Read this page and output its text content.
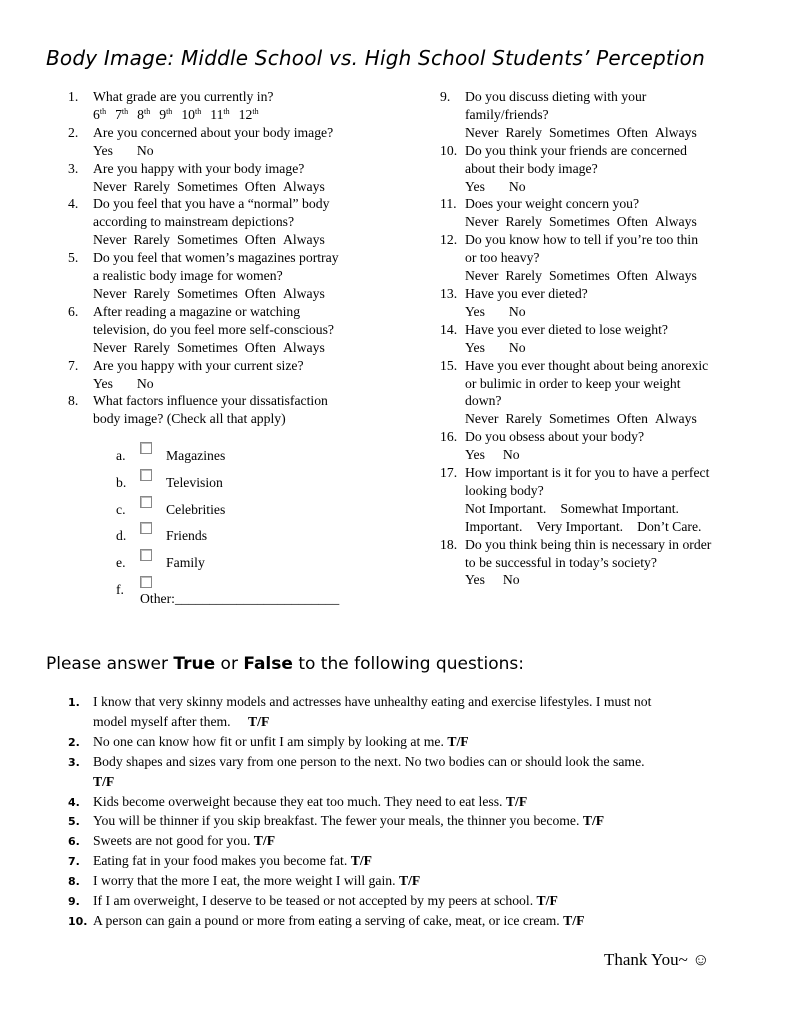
Body Image: Middle School vs. High School Students’ Perception
1. What grade are you currently in?
6th 7th 8th 9th 10th 11th 12th
2. Are you concerned about your body image?
Yes No
3. Are you happy with your body image?
Never Rarely Sometimes Often Always
4. Do you feel that you have a “normal” body
according to mainstream depictions?
Never Rarely Sometimes Often Always
5. Do you feel that women’s magazines portray
a realistic body image for women?
Never Rarely Sometimes Often Always
6. After reading a magazine or watching
television, do you feel more self-conscious?
Never Rarely Sometimes Often Always
7. Are you happy with your current size?
Yes No
8. What factors influence your dissatisfaction
body image? (Check all that apply)
a.	Magazines
b.	Television
c.	Celebrities
d.	Friends
e.	Family
f.
Other:________________________
9. Do you discuss dieting with your
family/friends?
Never Rarely Sometimes Often Always
10. Do you think your friends are concerned
about their body image?
Yes No
11. Does your weight concern you?
Never Rarely Sometimes Often Always
12. Do you know how to tell if you’re too thin
or too heavy?
Never Rarely Sometimes Often Always
13. Have you ever dieted?
Yes No
14. Have you ever dieted to lose weight?
Yes No
15. Have you ever thought about being anorexic
or bulimic in order to keep your weight
down?
Never Rarely Sometimes Often Always
16. Do you obsess about your body?
Yes No
17. How important is it for you to have a perfect
looking body?
Not Important. Somewhat Important.
Important. Very Important. Don’t Care.
18. Do you think being thin is necessary in order
to be successful in today’s society?
Yes No
Please answer True or False to the following questions:
1. I know that very skinny models and actresses have unhealthy eating and exercise lifestyles. I must not
model myself after them. T/F
2. No one can know how fit or unfit I am simply by looking at me. T/F
3. Body shapes and sizes vary from one person to the next. No two bodies can or should look the same.
T/F
4. Kids become overweight because they eat too much. They need to eat less. T/F
5. You will be thinner if you skip breakfast. The fewer your meals, the thinner you become. T/F
6. Sweets are not good for you. T/F
7. Eating fat in your food makes you become fat. T/F
8. I worry that the more I eat, the more weight I will gain. T/F
9. If I am overweight, I deserve to be teased or not accepted by my peers at school. T/F
10. A person can gain a pound or more from eating a serving of cake, meat, or ice cream. T/F
Thank You~ ☺
